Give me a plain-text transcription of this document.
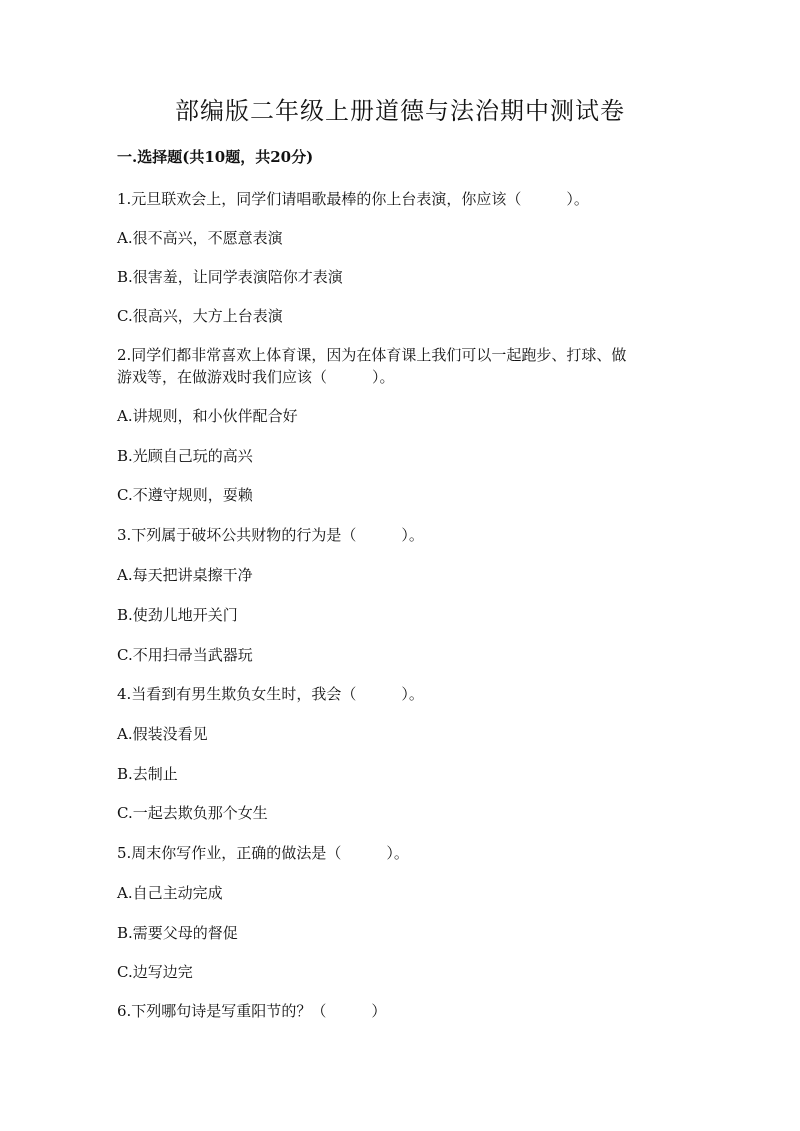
部编版二年级上册道德与法治期中测试卷
一.选择题(共10题，共20分)
1.元旦联欢会上，同学们请唱歌最棒的你上台表演，你应该（　　　）。
A.很不高兴，不愿意表演
B.很害羞，让同学表演陪你才表演
C.很高兴，大方上台表演
2.同学们都非常喜欢上体育课，因为在体育课上我们可以一起跑步、打球、做
游戏等，在做游戏时我们应该（　　　）。
A.讲规则，和小伙伴配合好
B.光顾自己玩的高兴
C.不遵守规则，耍赖
3.下列属于破坏公共财物的行为是（　　　）。
A.每天把讲桌擦干净
B.使劲儿地开关门
C.不用扫帚当武器玩
4.当看到有男生欺负女生时，我会（　　　）。
A.假装没看见
B.去制止
C.一起去欺负那个女生
5.周末你写作业，正确的做法是（　　　）。
A.自己主动完成
B.需要父母的督促
C.边写边完
6.下列哪句诗是写重阳节的？（　　　）
